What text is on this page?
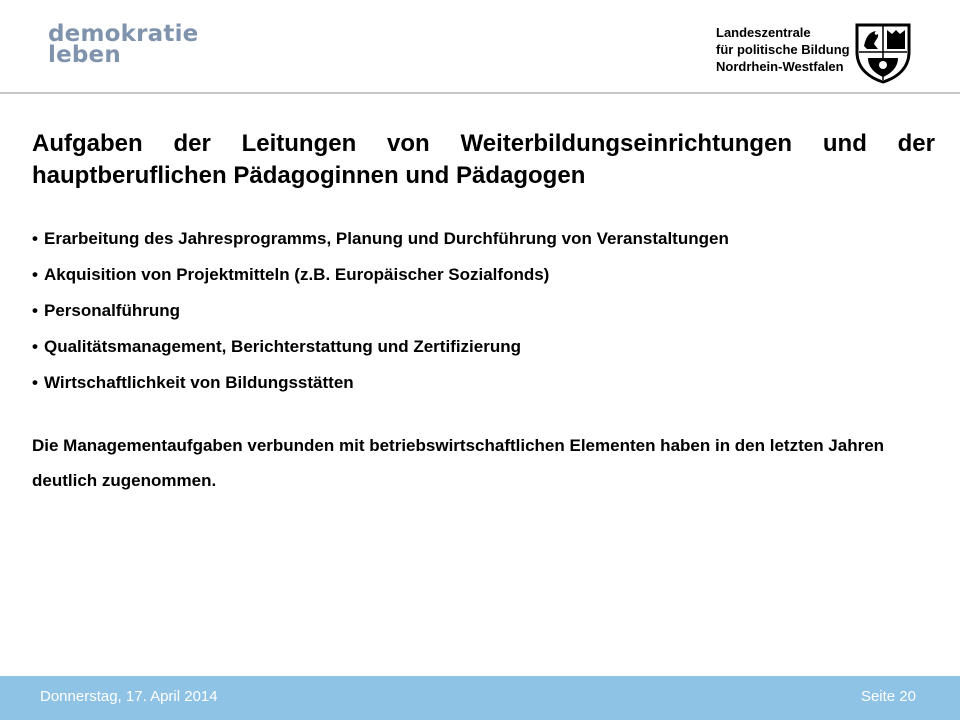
demokratie
leben
Landeszentrale
für politische Bildung
Nordrhein-Westfalen
Aufgaben der Leitungen von Weiterbildungseinrichtungen und der hauptberuflichen Pädagoginnen und Pädagogen
• Erarbeitung des Jahresprogramms, Planung und Durchführung von Veranstaltungen
• Akquisition von Projektmitteln (z.B. Europäischer Sozialfonds)
• Personalführung
• Qualitätsmanagement, Berichterstattung und Zertifizierung
• Wirtschaftlichkeit von Bildungsstätten
Die Managementaufgaben verbunden mit betriebswirtschaftlichen Elementen haben in den letzten Jahren deutlich zugenommen.
Donnerstag, 17. April 2014	Seite 20
